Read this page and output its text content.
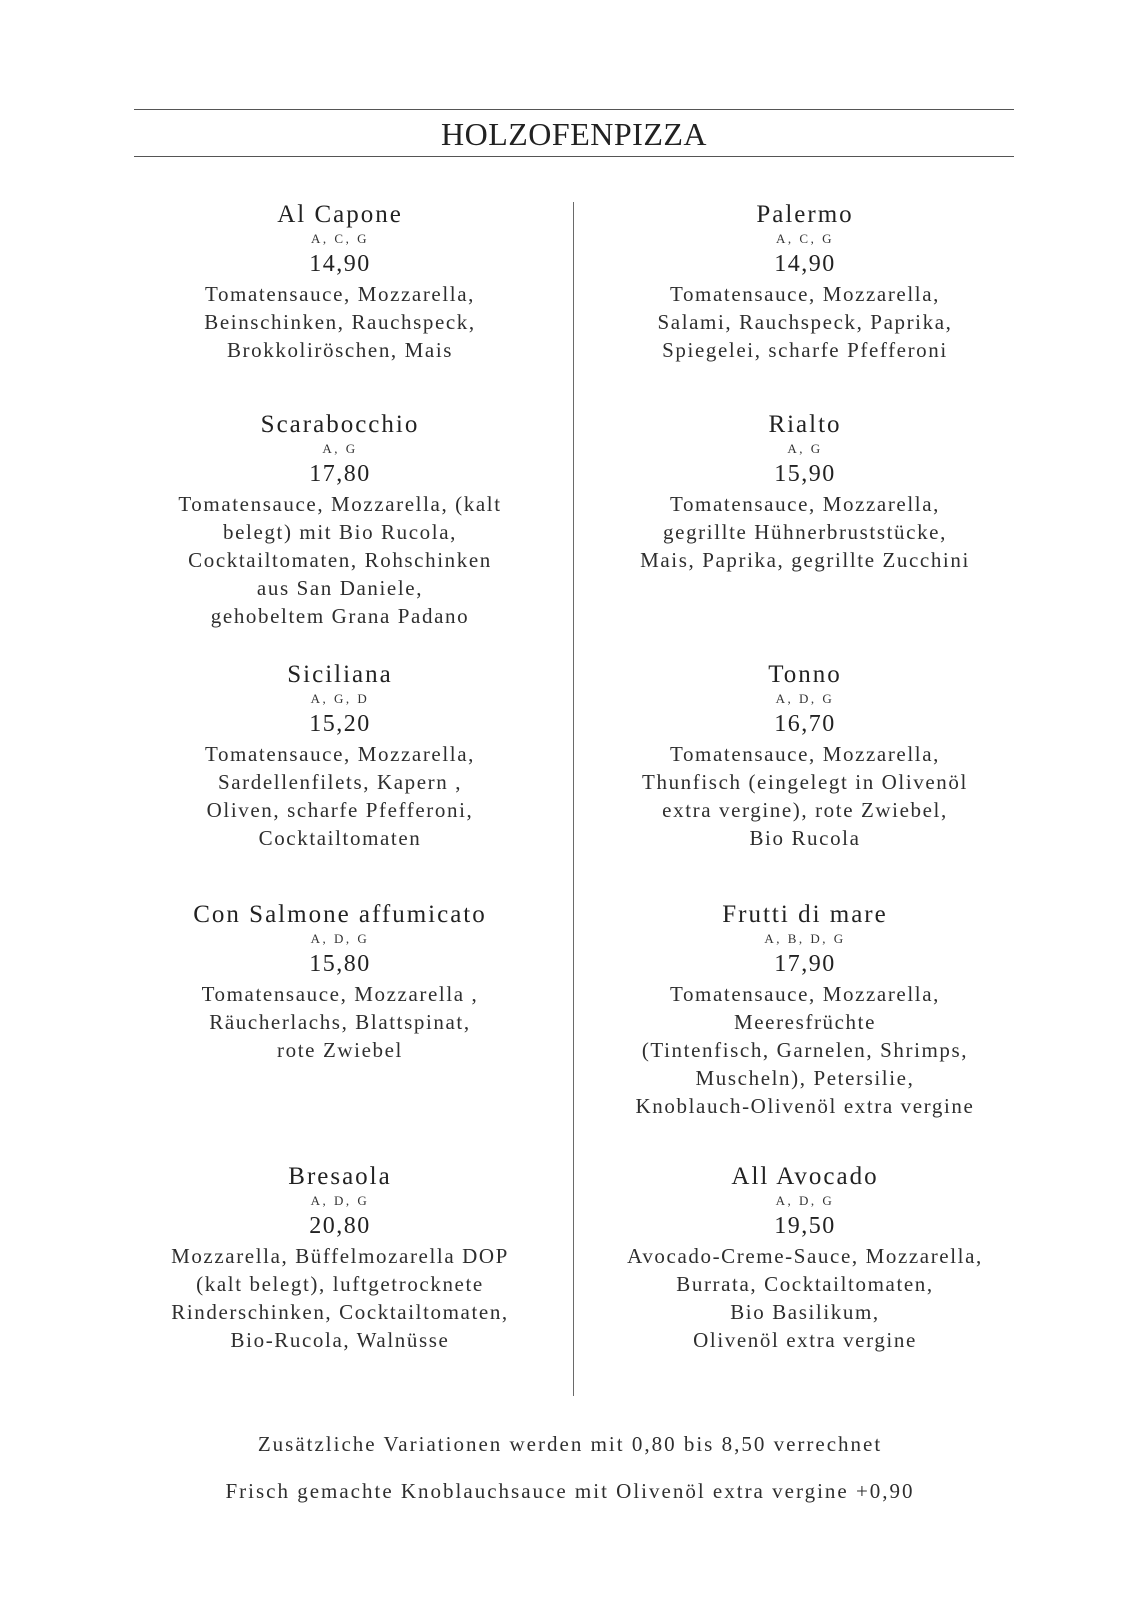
HOLZOFENPIZZA
Al Capone
A, C, G
14,90
Tomatensauce, Mozzarella,
Beinschinken, Rauchspeck,
Brokkoliröschen, Mais
Scarabocchio
A, G
17,80
Tomatensauce, Mozzarella, (kalt
belegt) mit Bio Rucola,
Cocktailtomaten, Rohschinken
aus San Daniele,
gehobeltem Grana Padano
Siciliana
A, G, D
15,20
Tomatensauce, Mozzarella,
Sardellenfilets, Kapern ,
Oliven, scharfe Pfefferoni,
Cocktailtomaten
Con Salmone affumicato
A, D, G
15,80
Tomatensauce, Mozzarella ,
Räucherlachs, Blattspinat,
rote Zwiebel
Bresaola
A, D, G
20,80
Mozzarella, Büffelmozarella DOP
(kalt belegt), luftgetrocknete
Rinderschinken, Cocktailtomaten,
Bio-Rucola, Walnüsse
Palermo
A, C, G
14,90
Tomatensauce, Mozzarella,
Salami, Rauchspeck, Paprika,
Spiegelei, scharfe Pfefferoni
Rialto
A, G
15,90
Tomatensauce, Mozzarella,
gegrillte Hühnerbruststücke,
Mais, Paprika, gegrillte Zucchini
Tonno
A, D, G
16,70
Tomatensauce, Mozzarella,
Thunfisch (eingelegt in Olivenöl
extra vergine), rote Zwiebel,
Bio Rucola
Frutti di mare
A, B, D, G
17,90
Tomatensauce, Mozzarella,
Meeresfrüchte
(Tintenfisch, Garnelen, Shrimps,
Muscheln), Petersilie,
Knoblauch-Olivenöl extra vergine
All Avocado
A, D, G
19,50
Avocado-Creme-Sauce, Mozzarella,
Burrata, Cocktailtomaten,
Bio Basilikum,
Olivenöl extra vergine
Zusätzliche Variationen werden mit 0,80 bis 8,50 verrechnet
Frisch gemachte Knoblauchsauce mit Olivenöl extra vergine +0,90
